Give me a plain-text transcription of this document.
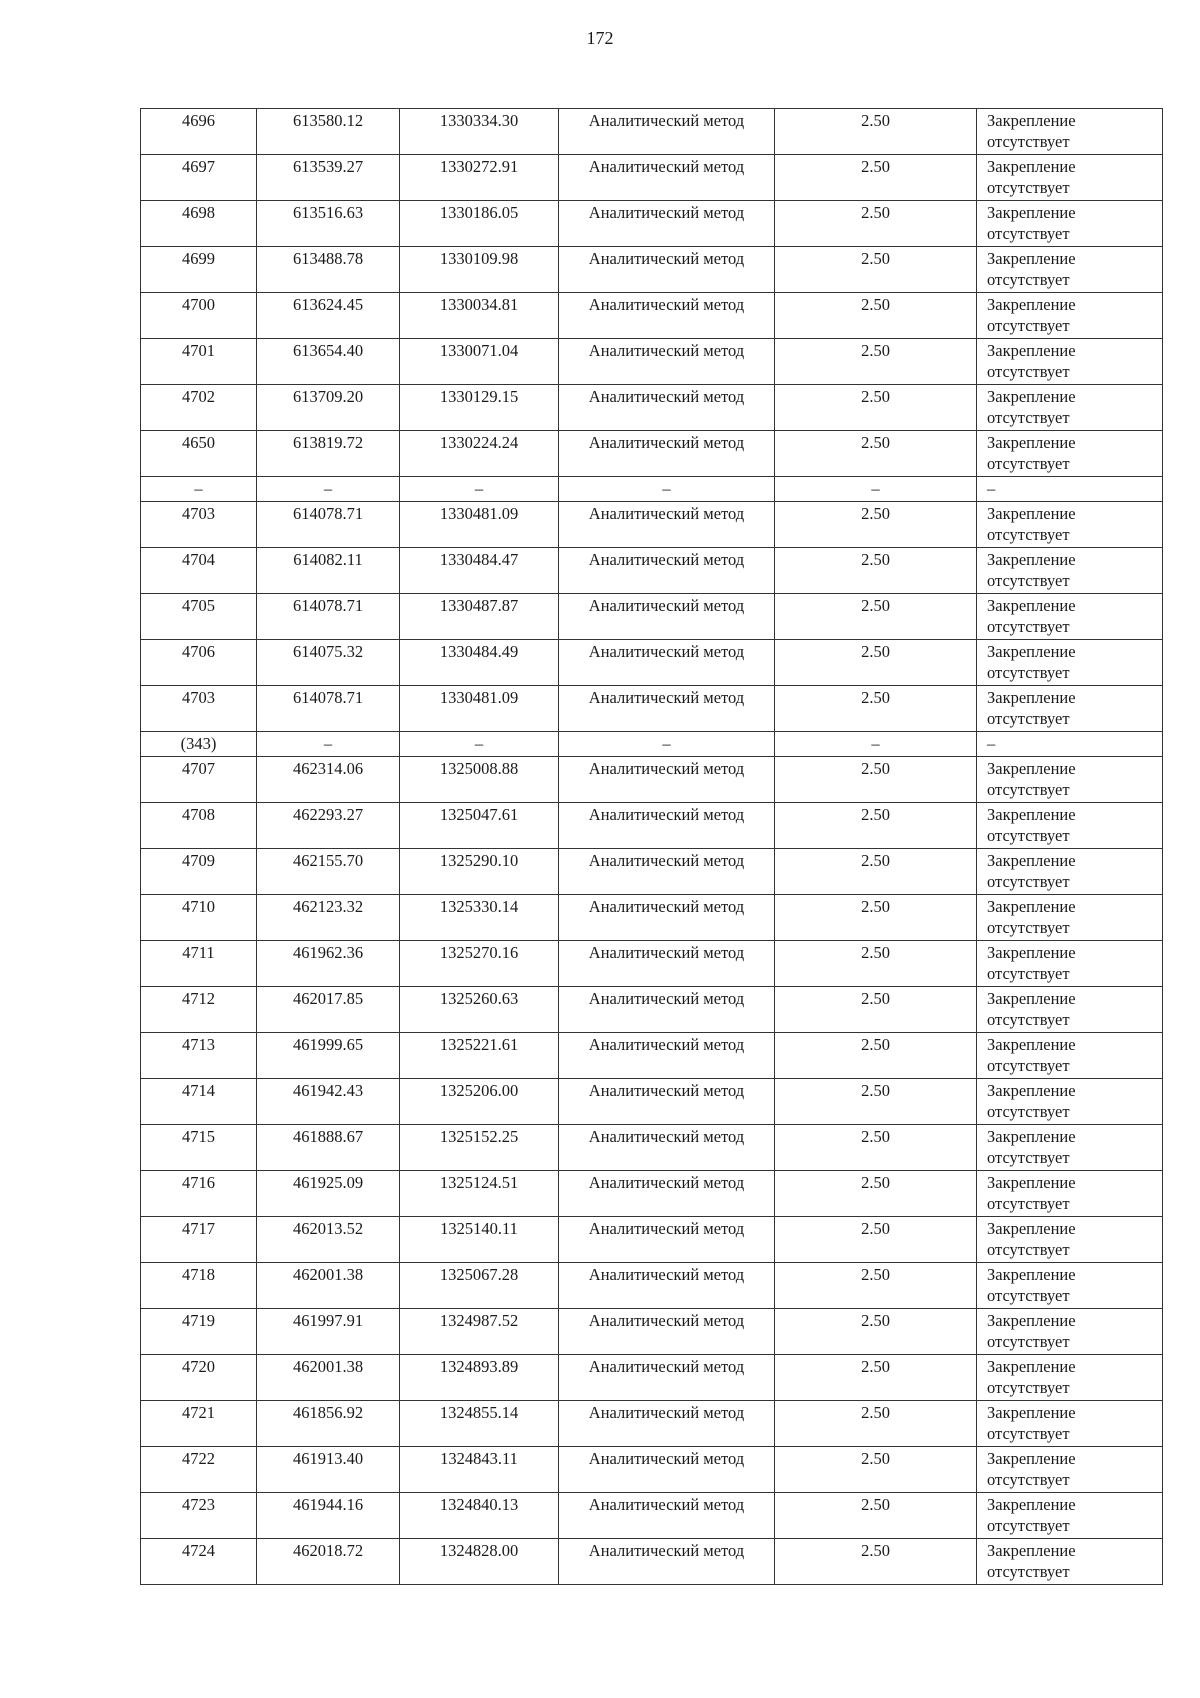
172
4696	613580.12	1330334.30	Аналитический метод	2.50	Закрепление
отсутствует

4697	613539.27	1330272.91	Аналитический метод	2.50	Закрепление
отсутствует

4698	613516.63	1330186.05	Аналитический метод	2.50	Закрепление
отсутствует

4699	613488.78	1330109.98	Аналитический метод	2.50	Закрепление
отсутствует

4700	613624.45	1330034.81	Аналитический метод	2.50	Закрепление
отсутствует

4701	613654.40	1330071.04	Аналитический метод	2.50	Закрепление
отсутствует

4702	613709.20	1330129.15	Аналитический метод	2.50	Закрепление
отсутствует

4650	613819.72	1330224.24	Аналитический метод	2.50	Закрепление
отсутствует

–	–	–	–	–	–

4703	614078.71	1330481.09	Аналитический метод	2.50	Закрепление
отсутствует

4704	614082.11	1330484.47	Аналитический метод	2.50	Закрепление
отсутствует

4705	614078.71	1330487.87	Аналитический метод	2.50	Закрепление
отсутствует

4706	614075.32	1330484.49	Аналитический метод	2.50	Закрепление
отсутствует

4703	614078.71	1330481.09	Аналитический метод	2.50	Закрепление
отсутствует

(343)	–	–	–	–	–

4707	462314.06	1325008.88	Аналитический метод	2.50	Закрепление
отсутствует

4708	462293.27	1325047.61	Аналитический метод	2.50	Закрепление
отсутствует

4709	462155.70	1325290.10	Аналитический метод	2.50	Закрепление
отсутствует

4710	462123.32	1325330.14	Аналитический метод	2.50	Закрепление
отсутствует

4711	461962.36	1325270.16	Аналитический метод	2.50	Закрепление
отсутствует

4712	462017.85	1325260.63	Аналитический метод	2.50	Закрепление
отсутствует

4713	461999.65	1325221.61	Аналитический метод	2.50	Закрепление
отсутствует

4714	461942.43	1325206.00	Аналитический метод	2.50	Закрепление
отсутствует

4715	461888.67	1325152.25	Аналитический метод	2.50	Закрепление
отсутствует

4716	461925.09	1325124.51	Аналитический метод	2.50	Закрепление
отсутствует

4717	462013.52	1325140.11	Аналитический метод	2.50	Закрепление
отсутствует

4718	462001.38	1325067.28	Аналитический метод	2.50	Закрепление
отсутствует

4719	461997.91	1324987.52	Аналитический метод	2.50	Закрепление
отсутствует

4720	462001.38	1324893.89	Аналитический метод	2.50	Закрепление
отсутствует

4721	461856.92	1324855.14	Аналитический метод	2.50	Закрепление
отсутствует

4722	461913.40	1324843.11	Аналитический метод	2.50	Закрепление
отсутствует

4723	461944.16	1324840.13	Аналитический метод	2.50	Закрепление
отсутствует

4724	462018.72	1324828.00	Аналитический метод	2.50	Закрепление
отсутствует
